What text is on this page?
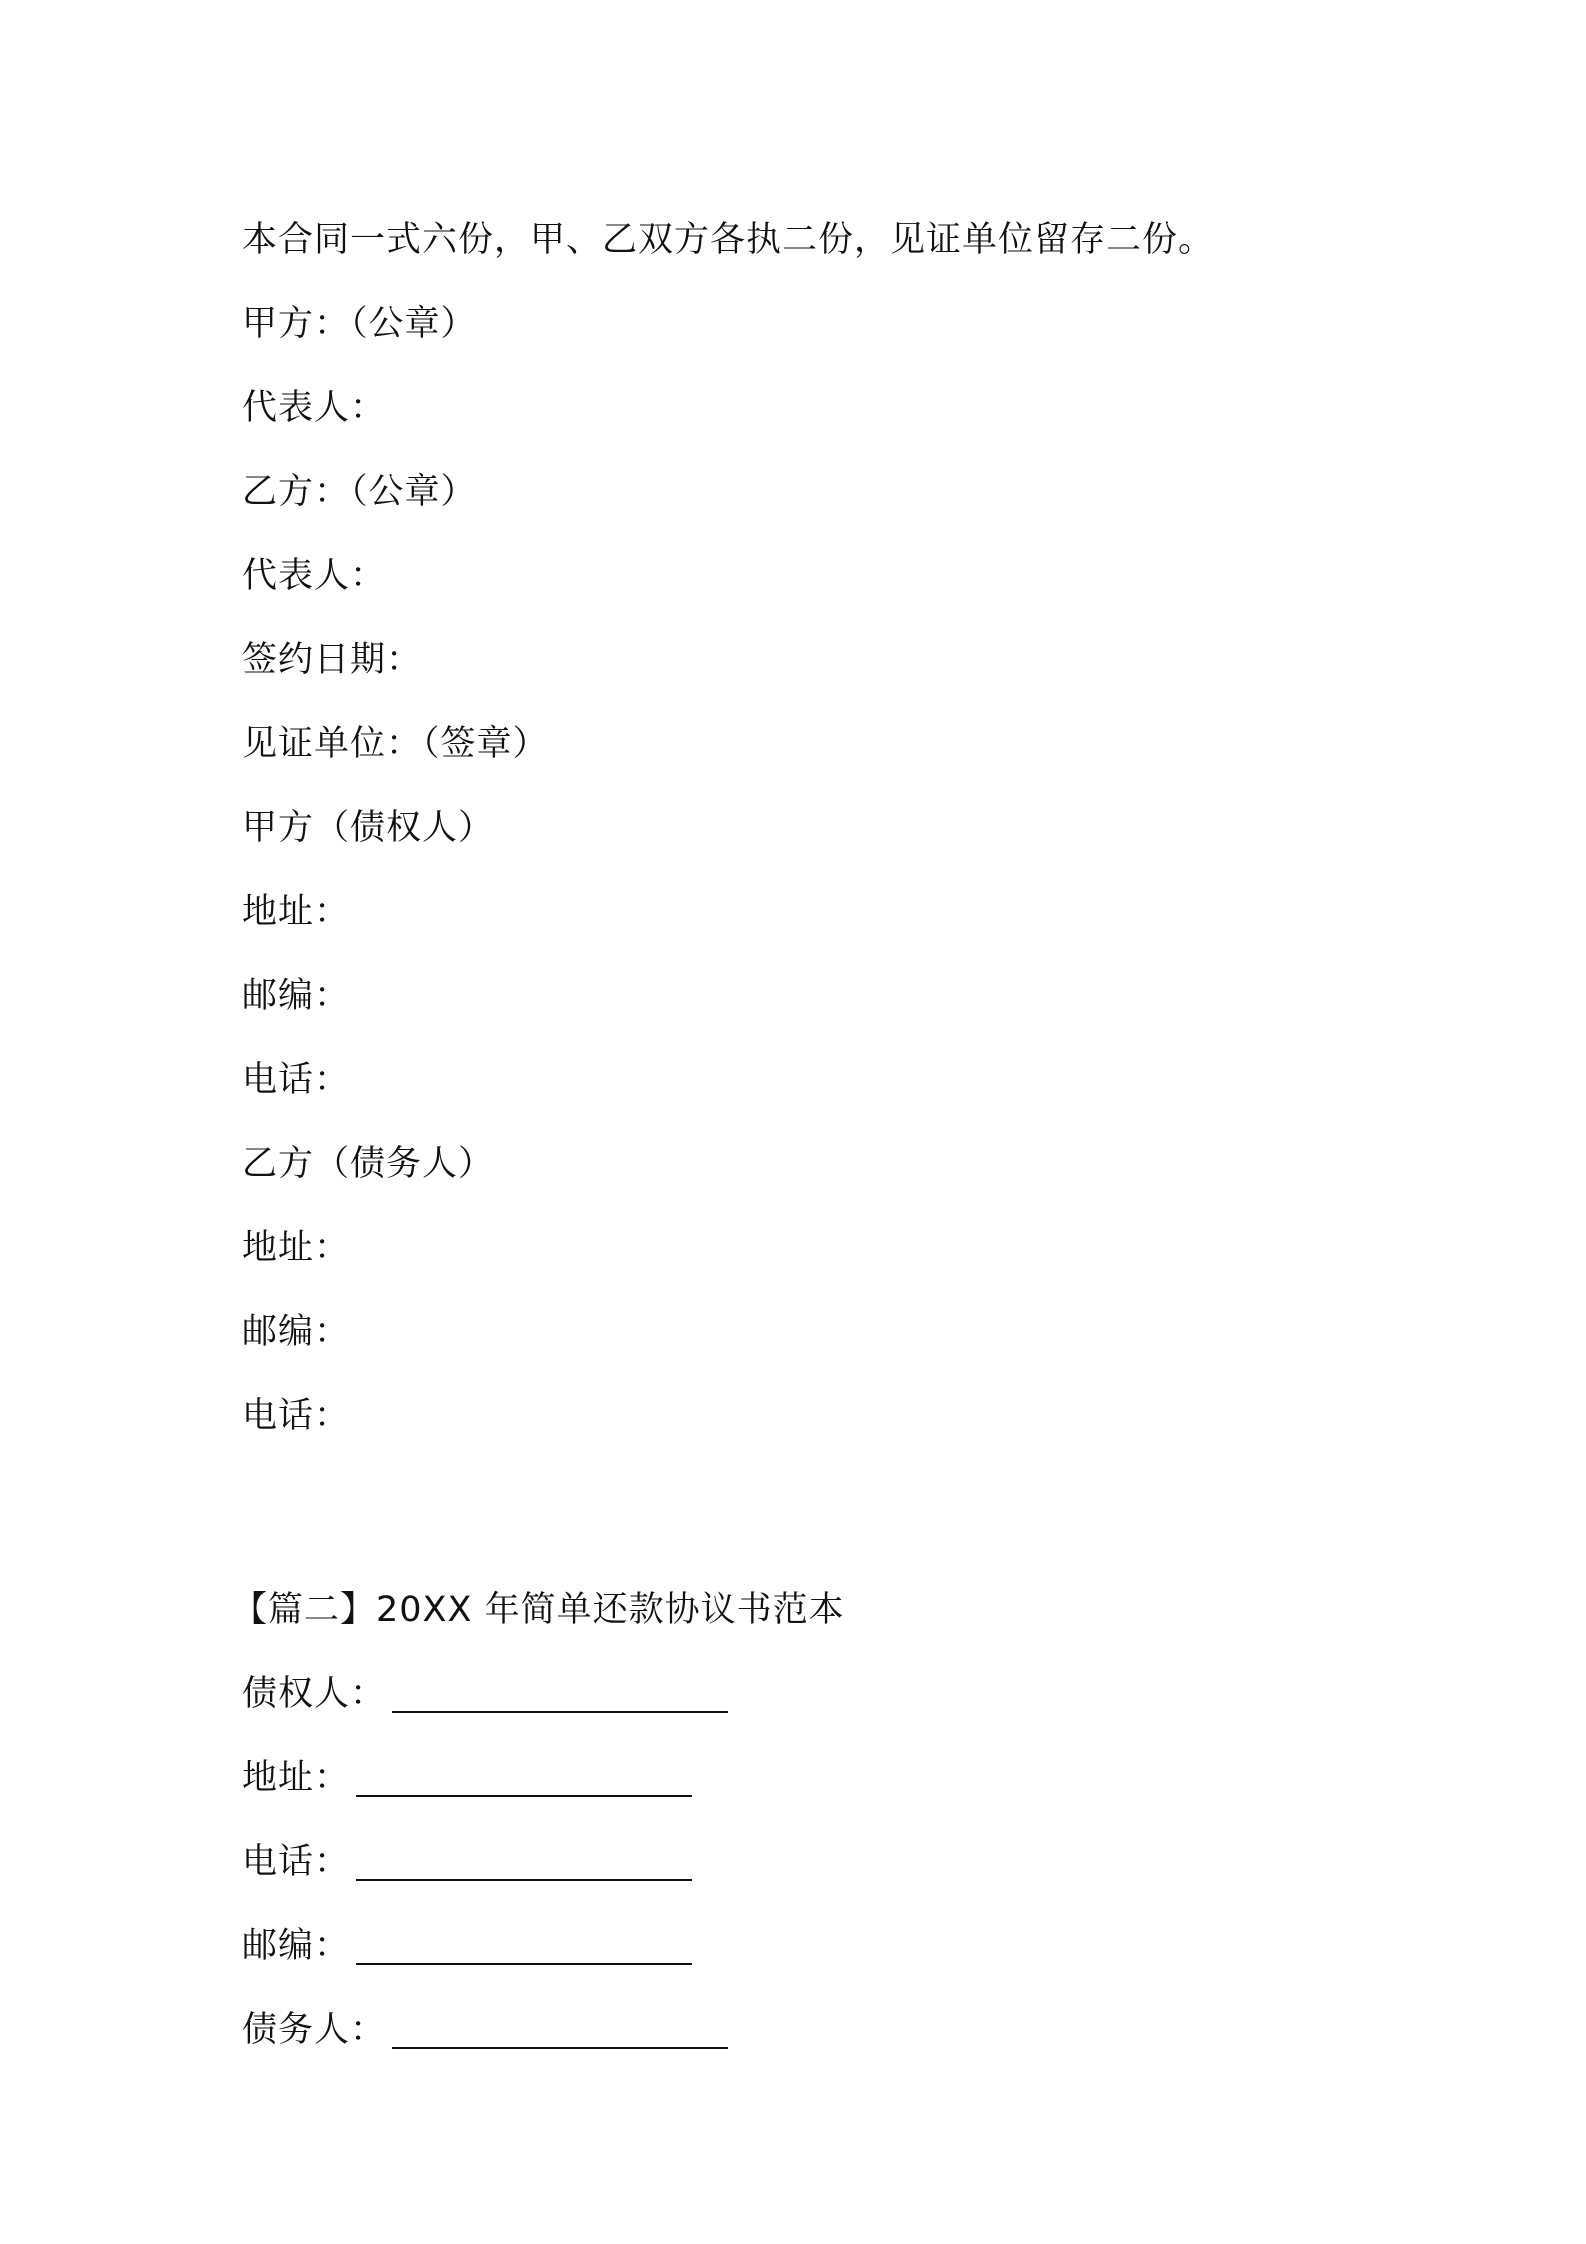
本合同一式六份，甲、乙双方各执二份，见证单位留存二份。
甲方：（公章）
代表人：
乙方：（公章）
代表人：
签约日期：
见证单位：（签章）
甲方（债权人）
地址：
邮编：
电话：
乙方（债务人）
地址：
邮编：
电话：
【篇二】20XX 年简单还款协议书范本
债权人：
地址：
电话：
邮编：
债务人：
